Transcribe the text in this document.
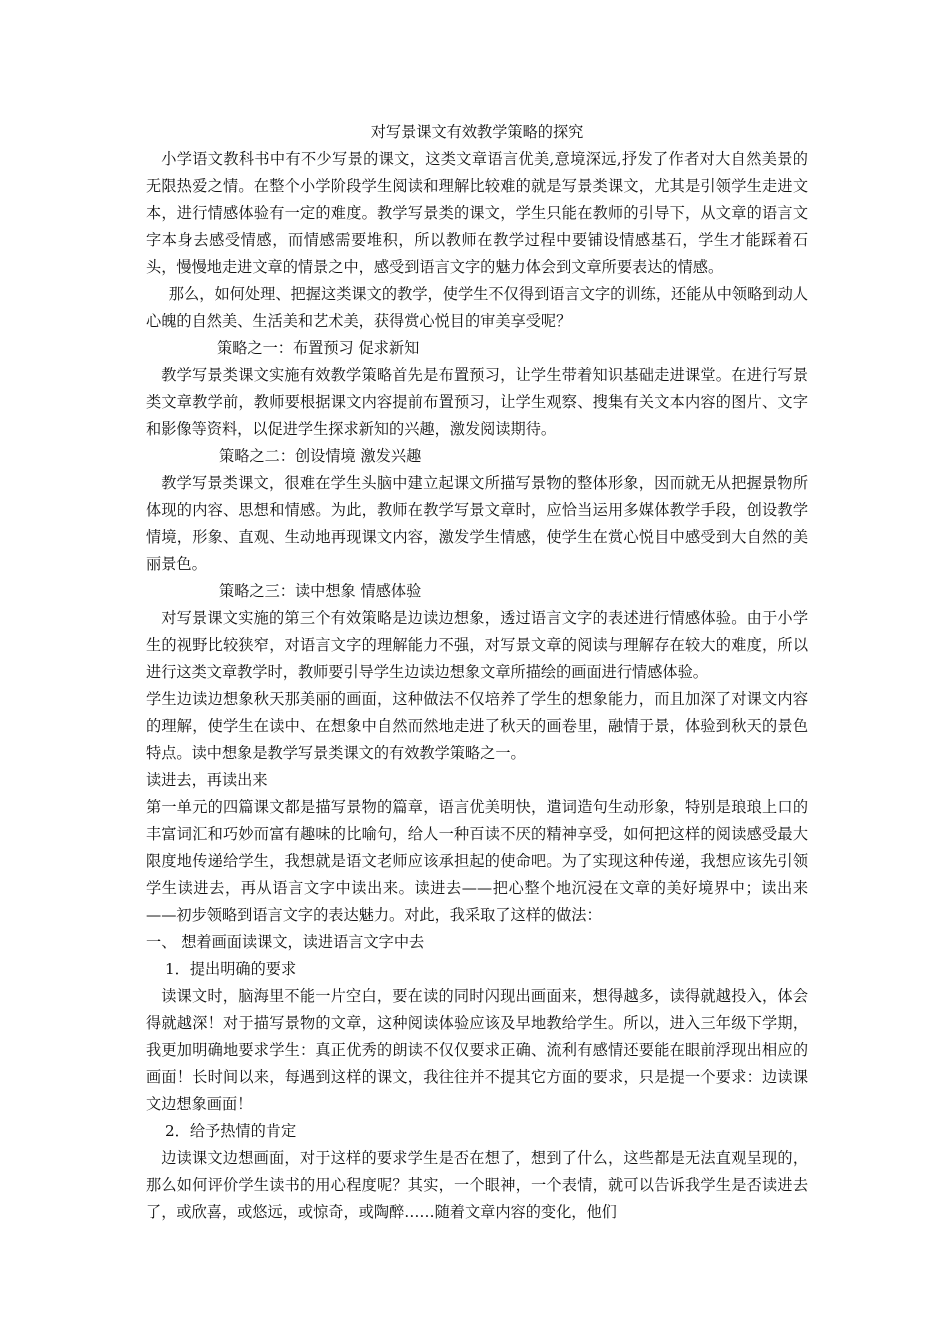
对写景课文有效教学策略的探究

小学语文教科书中有不少写景的课文，这类文章语言优美,意境深远,抒发了作者对大自然美景的无限热爱之情。在整个小学阶段学生阅读和理解比较难的就是写景类课文，尤其是引领学生走进文本，进行情感体验有一定的难度。教学写景类的课文，学生只能在教师的引导下，从文章的语言文字本身去感受情感，而情感需要堆积，所以教师在教学过程中要铺设情感基石，学生才能踩着石头，慢慢地走进文章的情景之中，感受到语言文字的魅力体会到文章所要表达的情感。

那么，如何处理、把握这类课文的教学，使学生不仅得到语言文字的训练，还能从中领略到动人心魄的自然美、生活美和艺术美，获得赏心悦目的审美享受呢？

策略之一：布置预习 促求新知

教学写景类课文实施有效教学策略首先是布置预习，让学生带着知识基础走进课堂。在进行写景类文章教学前，教师要根据课文内容提前布置预习，让学生观察、搜集有关文本内容的图片、文字和影像等资料，以促进学生探求新知的兴趣，激发阅读期待。

策略之二：创设情境 激发兴趣

教学写景类课文，很难在学生头脑中建立起课文所描写景物的整体形象，因而就无从把握景物所体现的内容、思想和情感。为此，教师在教学写景文章时，应恰当运用多媒体教学手段，创设教学情境，形象、直观、生动地再现课文内容，激发学生情感，使学生在赏心悦目中感受到大自然的美丽景色。

策略之三：读中想象 情感体验

对写景课文实施的第三个有效策略是边读边想象，透过语言文字的表述进行情感体验。由于小学生的视野比较狭窄，对语言文字的理解能力不强，对写景文章的阅读与理解存在较大的难度，所以进行这类文章教学时，教师要引导学生边读边想象文章所描绘的画面进行情感体验。

学生边读边想象秋天那美丽的画面，这种做法不仅培养了学生的想象能力，而且加深了对课文内容的理解，使学生在读中、在想象中自然而然地走进了秋天的画卷里，融情于景，体验到秋天的景色特点。读中想象是教学写景类课文的有效教学策略之一。

读进去，再读出来

第一单元的四篇课文都是描写景物的篇章，语言优美明快，遣词造句生动形象，特别是琅琅上口的丰富词汇和巧妙而富有趣味的比喻句，给人一种百读不厌的精神享受，如何把这样的阅读感受最大限度地传递给学生，我想就是语文老师应该承担起的使命吧。为了实现这种传递，我想应该先引领学生读进去，再从语言文字中读出来。读进去——把心整个地沉浸在文章的美好境界中；读出来——初步领略到语言文字的表达魅力。对此，我采取了这样的做法：

一、 想着画面读课文，读进语言文字中去

1．提出明确的要求

读课文时，脑海里不能一片空白，要在读的同时闪现出画面来，想得越多，读得就越投入，体会得就越深！对于描写景物的文章，这种阅读体验应该及早地教给学生。所以，进入三年级下学期，我更加明确地要求学生：真正优秀的朗读不仅仅要求正确、流利有感情还要能在眼前浮现出相应的画面！长时间以来，每遇到这样的课文，我往往并不提其它方面的要求，只是提一个要求：边读课文边想象画面！

2．给予热情的肯定

边读课文边想画面，对于这样的要求学生是否在想了，想到了什么，这些都是无法直观呈现的，那么如何评价学生读书的用心程度呢？其实，一个眼神，一个表情，就可以告诉我学生是否读进去了，或欣喜，或悠远，或惊奇，或陶醉……随着文章内容的变化，他们
